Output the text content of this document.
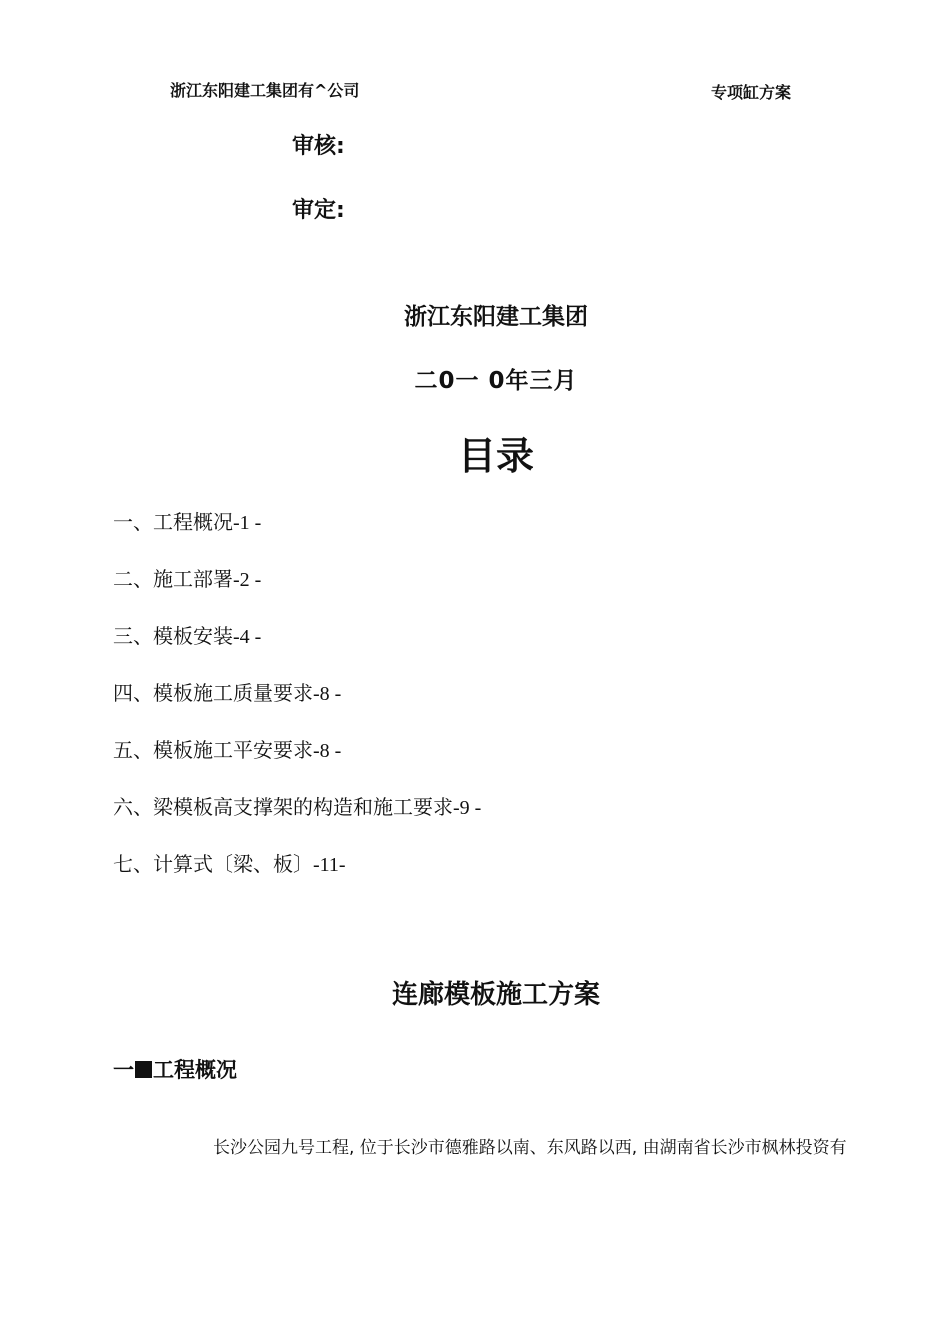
浙江东阳建工集团有^公司	专项缸方案
审核:
审定:
浙江东阳建工集团
二0一 0年三月
目录
一、工程概况-1 -
二、施工部署-2 -
三、模板安装-4 -
四、模板施工质量要求-8 -
五、模板施工平安要求-8 -
六、梁模板高支撑架的构造和施工要求-9 -
七、计算式〔梁、板〕-11-
连廊模板施工方案
一 工程概况
长沙公园九号工程, 位于长沙市德雅路以南、东风路以西, 由湖南省长沙市枫林投资有
